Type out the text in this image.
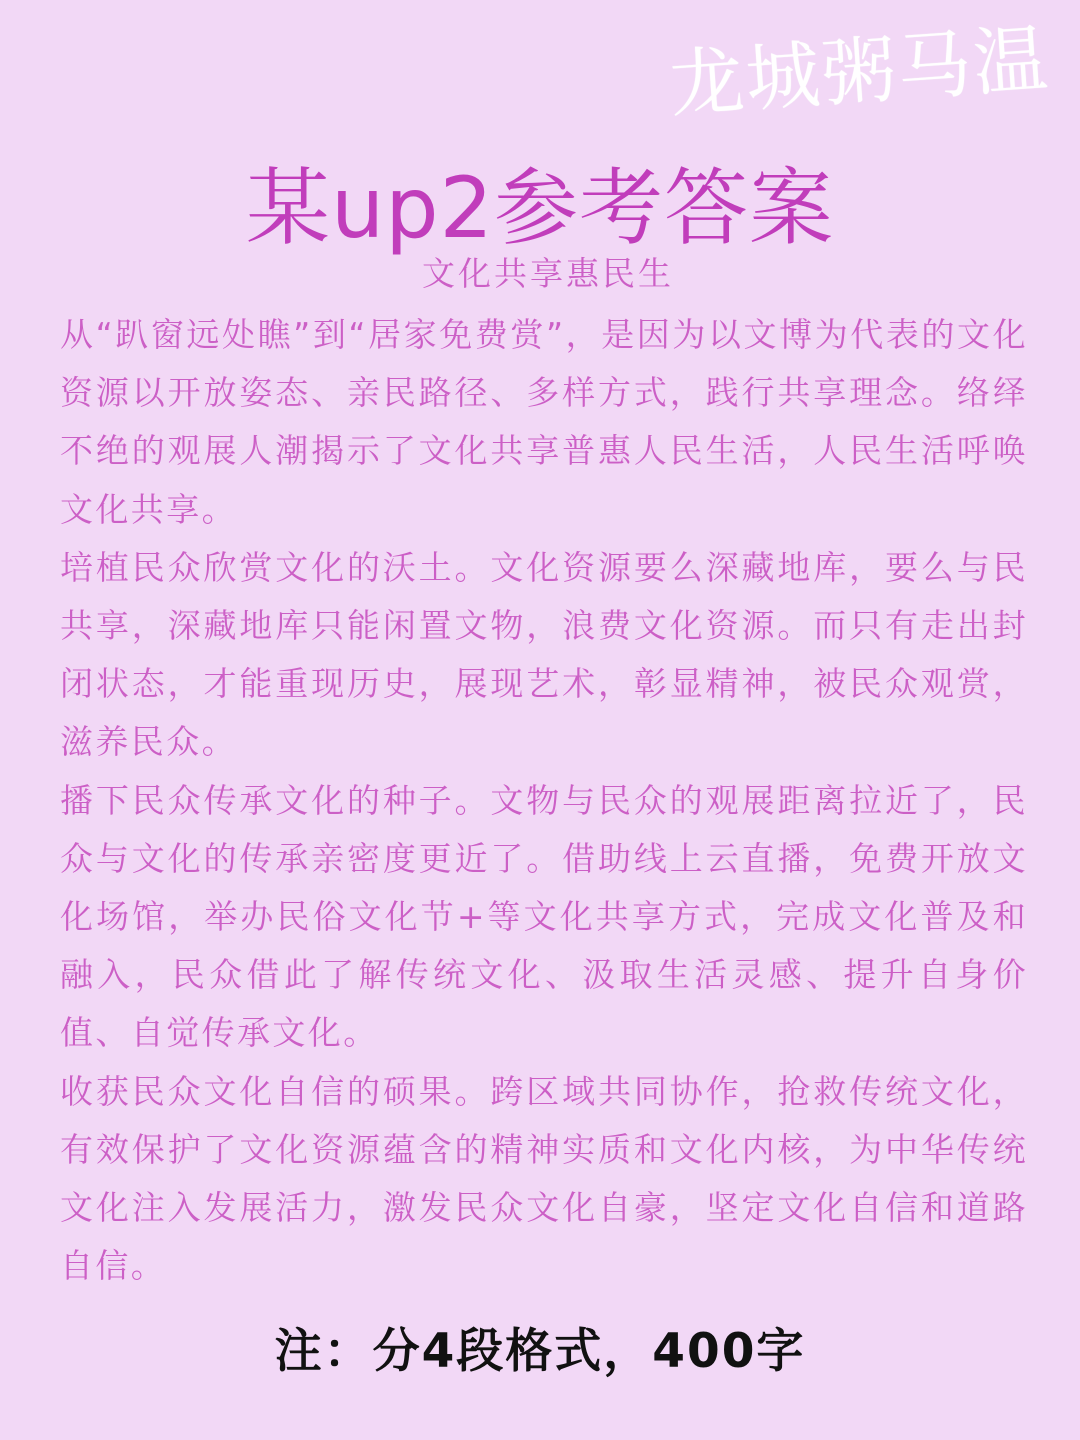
龙城粥马温
某up2参考答案
文化共享惠民生

从“趴窗远处瞧”到“居家免费赏”，是因为以文博为代表的文化资源以开放姿态、亲民路径、多样方式，践行共享理念。络绎不绝的观展人潮揭示了文化共享普惠人民生活，人民生活呼唤文化共享。

培植民众欣赏文化的沃土。文化资源要么深藏地库，要么与民共享，深藏地库只能闲置文物，浪费文化资源。而只有走出封闭状态，才能重现历史，展现艺术，彰显精神，被民众观赏，滋养民众。

播下民众传承文化的种子。文物与民众的观展距离拉近了，民众与文化的传承亲密度更近了。借助线上云直播，免费开放文化场馆，举办民俗文化节+等文化共享方式，完成文化普及和融入，民众借此了解传统文化、汲取生活灵感、提升自身价值、自觉传承文化。

收获民众文化自信的硕果。跨区域共同协作，抢救传统文化，有效保护了文化资源蕴含的精神实质和文化内核，为中华传统文化注入发展活力，激发民众文化自豪，坚定文化自信和道路自信。

注：分4段格式，400字
